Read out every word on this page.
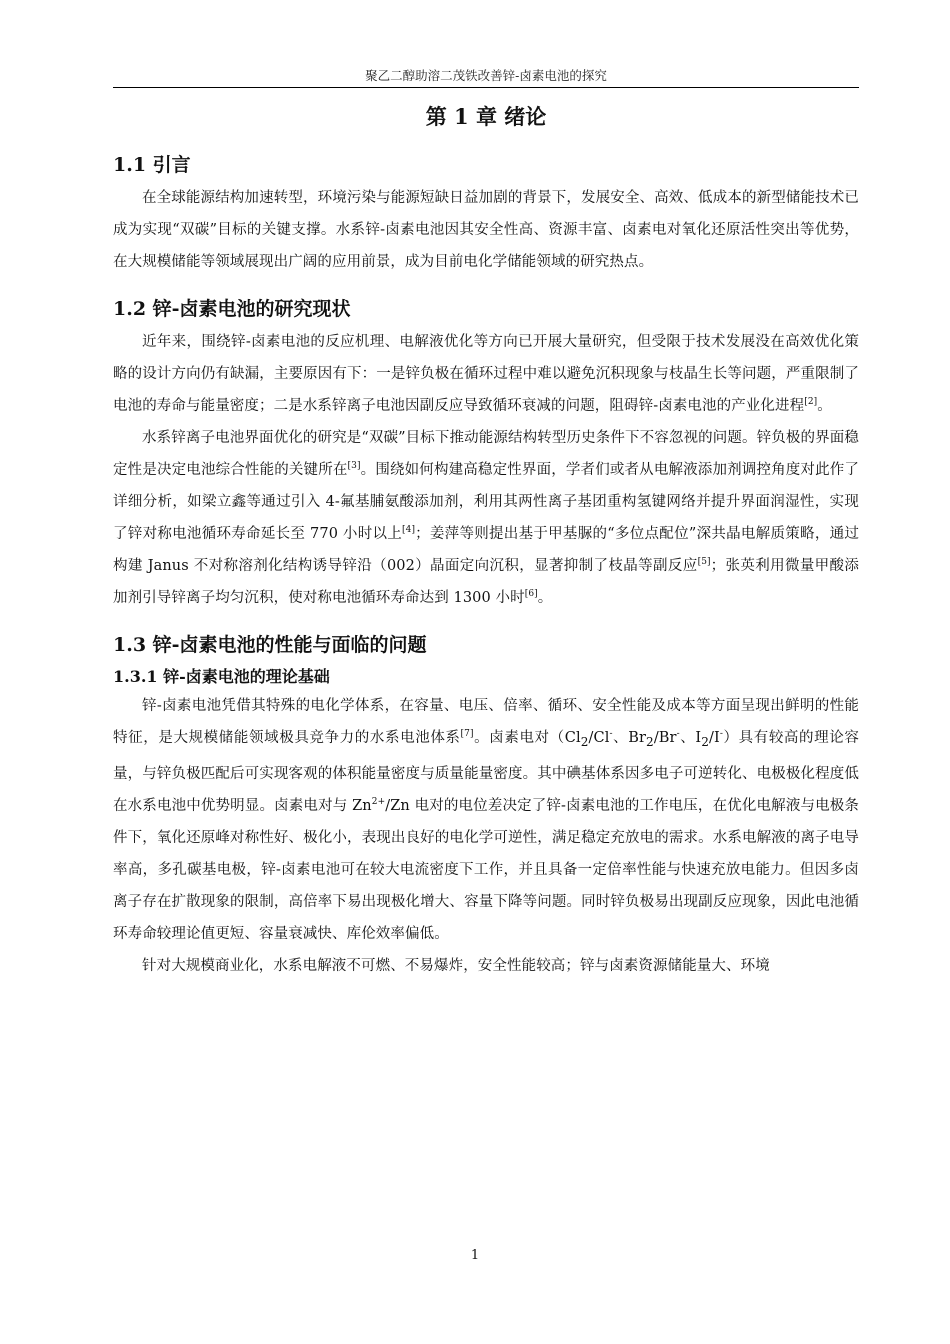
聚乙二醇助溶二茂铁改善锌-卤素电池的探究
第 1 章 绪论
1.1 引言

在全球能源结构加速转型，环境污染与能源短缺日益加剧的背景下，发展安全、高效、低成本的新型储能技术已成为实现“双碳”目标的关键支撑。水系锌-卤素电池因其安全性高、资源丰富、卤素电对氧化还原活性突出等优势，在大规模储能等领域展现出广阔的应用前景，成为目前电化学储能领域的研究热点。

1.2 锌-卤素电池的研究现状

近年来，围绕锌-卤素电池的反应机理、电解液优化等方向已开展大量研究，但受限于技术发展没在高效优化策略的设计方向仍有缺漏，主要原因有下：一是锌负极在循环过程中难以避免沉积现象与枝晶生长等问题，严重限制了电池的寿命与能量密度；二是水系锌离子电池因副反应导致循环衰减的问题，阻碍锌-卤素电池的产业化进程[2]。

水系锌离子电池界面优化的研究是“双碳”目标下推动能源结构转型历史条件下不容忽视的问题。锌负极的界面稳定性是决定电池综合性能的关键所在[3]。围绕如何构建高稳定性界面，学者们或者从电解液添加剂调控角度对此作了详细分析，如梁立鑫等通过引入 4-氟基脯氨酸添加剂，利用其两性离子基团重构氢键网络并提升界面润湿性，实现了锌对称电池循环寿命延长至 770 小时以上[4]；姜萍等则提出基于甲基脲的“多位点配位”深共晶电解质策略，通过构建 Janus 不对称溶剂化结构诱导锌沿（002）晶面定向沉积，显著抑制了枝晶等副反应[5]；张英利用微量甲酸添加剂引导锌离子均匀沉积，使对称电池循环寿命达到 1300 小时[6]。

1.3 锌-卤素电池的性能与面临的问题
1.3.1 锌-卤素电池的理论基础

锌-卤素电池凭借其特殊的电化学体系，在容量、电压、倍率、循环、安全性能及成本等方面呈现出鲜明的性能特征，是大规模储能领域极具竞争力的水系电池体系[7]。卤素电对（$Cl_2/Cl^-$、$Br_2/Br^-$、$I_2/I^-$）具有较高的理论容量，与锌负极匹配后可实现客观的体积能量密度与质量能量密度。其中碘基体系因多电子可逆转化、电极极化程度低在水系电池中优势明显。卤素电对与 $Zn^{2+}/Zn$ 电对的电位差决定了锌-卤素电池的工作电压，在优化电解液与电极条件下，氧化还原峰对称性好、极化小，表现出良好的电化学可逆性，满足稳定充放电的需求。水系电解液的离子电导率高，多孔碳基电极，锌-卤素电池可在较大电流密度下工作，并且具备一定倍率性能与快速充放电能力。但因多卤离子存在扩散现象的限制，高倍率下易出现极化增大、容量下降等问题。同时锌负极易出现副反应现象，因此电池循环寿命较理论值更短、容量衰减快、库伦效率偏低。

针对大规模商业化，水系电解液不可燃、不易爆炸，安全性能较高；锌与卤素资源储能量大、环境

1
